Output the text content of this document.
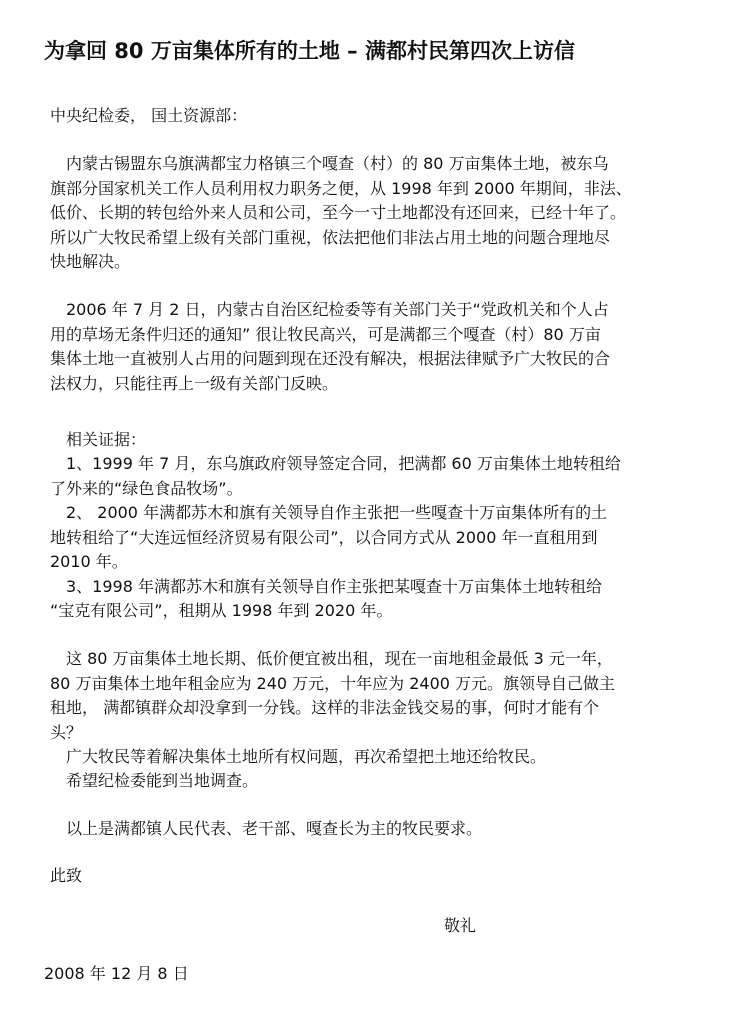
为拿回 80 万亩集体所有的土地 – 满都村民第四次上访信
中央纪检委， 国土资源部：
内蒙古锡盟东乌旗满都宝力格镇三个嘎查（村）的 80 万亩集体土地，被东乌
旗部分国家机关工作人员利用权力职务之便，从 1998 年到 2000 年期间，非法、
低价、长期的转包给外来人员和公司，至今一寸土地都没有还回来，已经十年了。
所以广大牧民希望上级有关部门重视，依法把他们非法占用土地的问题合理地尽
快地解决。
2006 年 7 月 2 日，内蒙古自治区纪检委等有关部门关于“党政机关和个人占
用的草场无条件归还的通知” 很让牧民高兴，可是满都三个嘎查（村）80 万亩
集体土地一直被别人占用的问题到现在还没有解决，根据法律赋予广大牧民的合
法权力，只能往再上一级有关部门反映。
相关证据：
1、1999 年 7 月，东乌旗政府领导签定合同，把满都 60 万亩集体土地转租给
了外来的“绿色食品牧场”。
2、 2000 年满都苏木和旗有关领导自作主张把一些嘎查十万亩集体所有的土
地转租给了“大连远恒经济贸易有限公司”，以合同方式从 2000 年一直租用到
2010 年。
3、1998 年满都苏木和旗有关领导自作主张把某嘎查十万亩集体土地转租给
“宝克有限公司”，租期从 1998 年到 2020 年。
这 80 万亩集体土地长期、低价便宜被出租，现在一亩地租金最低 3 元一年，
80 万亩集体土地年租金应为 240 万元，十年应为 2400 万元。旗领导自己做主
租地， 满都镇群众却没拿到一分钱。这样的非法金钱交易的事，何时才能有个
头？
广大牧民等着解决集体土地所有权问题，再次希望把土地还给牧民。
希望纪检委能到当地调查。
以上是满都镇人民代表、老干部、嘎查长为主的牧民要求。
此致
敬礼
2008 年 12 月 8 日
